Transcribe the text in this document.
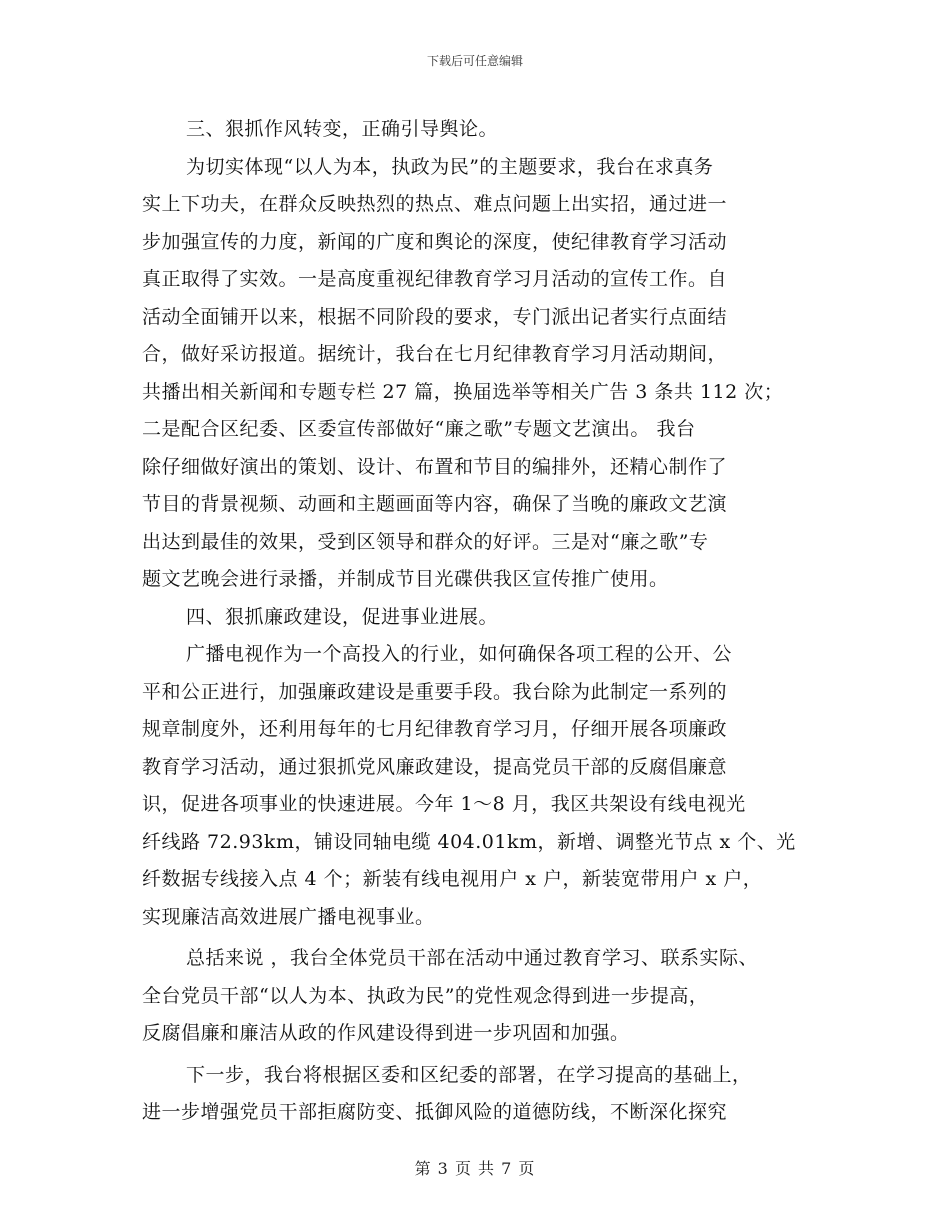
下载后可任意编辑
三、狠抓作风转变，正确引导舆论。
为切实体现“以人为本，执政为民”的主题要求，我台在求真务
实上下功夫，在群众反映热烈的热点、难点问题上出实招，通过进一
步加强宣传的力度，新闻的广度和舆论的深度，使纪律教育学习活动
真正取得了实效。一是高度重视纪律教育学习月活动的宣传工作。自
活动全面铺开以来，根据不同阶段的要求，专门派出记者实行点面结
合，做好采访报道。据统计，我台在七月纪律教育学习月活动期间，
共播出相关新闻和专题专栏 27 篇，换届选举等相关广告 3 条共 112 次；
二是配合区纪委、区委宣传部做好“廉之歌”专题文艺演出。 我台
除仔细做好演出的策划、设计、布置和节目的编排外，还精心制作了
节目的背景视频、动画和主题画面等内容，确保了当晚的廉政文艺演
出达到最佳的效果，受到区领导和群众的好评。三是对“廉之歌”专
题文艺晚会进行录播，并制成节目光碟供我区宣传推广使用。
四、狠抓廉政建设，促进事业进展。
广播电视作为一个高投入的行业，如何确保各项工程的公开、公
平和公正进行，加强廉政建设是重要手段。我台除为此制定一系列的
规章制度外，还利用每年的七月纪律教育学习月，仔细开展各项廉政
教育学习活动，通过狠抓党风廉政建设，提高党员干部的反腐倡廉意
识，促进各项事业的快速进展。今年 1～8 月，我区共架设有线电视光
纤线路 72.93km，铺设同轴电缆 404.01km，新增、调整光节点 x 个、光
纤数据专线接入点 4 个；新装有线电视用户 x 户，新装宽带用户 x 户，
实现廉洁高效进展广播电视事业。
总括来说 ，我台全体党员干部在活动中通过教育学习、联系实际、
全台党员干部“以人为本、执政为民”的党性观念得到进一步提高，
反腐倡廉和廉洁从政的作风建设得到进一步巩固和加强。
下一步，我台将根据区委和区纪委的部署，在学习提高的基础上，
进一步增强党员干部拒腐防变、抵御风险的道德防线，不断深化探究
第 3 页 共 7 页
